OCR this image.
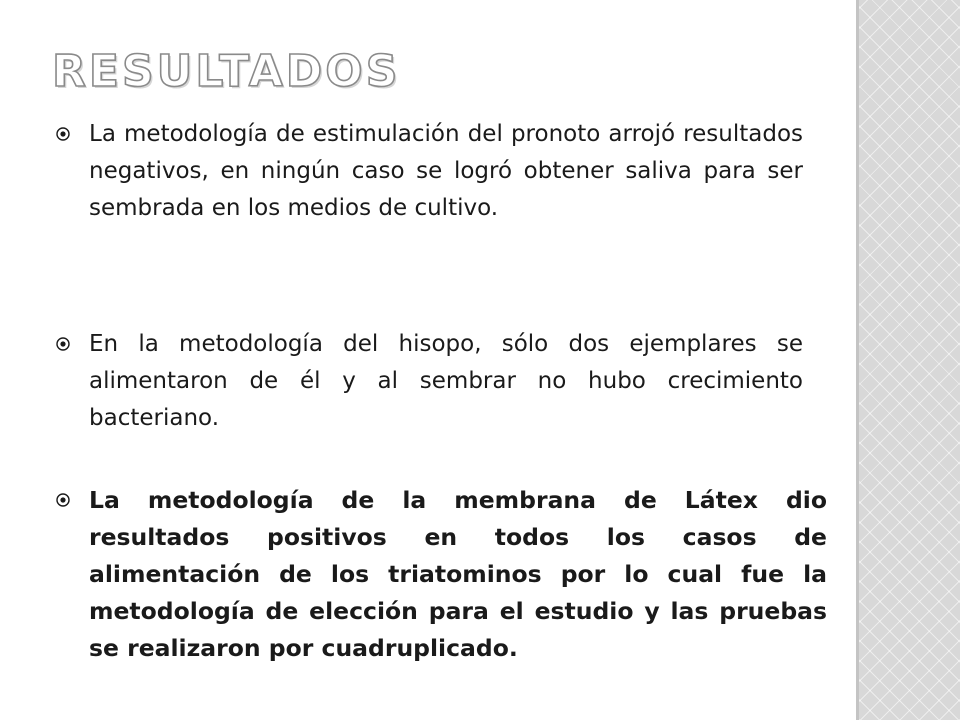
RESULTADOS
La metodología de estimulación del pronoto arrojó resultados negativos, en ningún caso se logró obtener saliva para ser sembrada en los medios de cultivo.
En la metodología del hisopo, sólo dos ejemplares se alimentaron de él y al sembrar no hubo crecimiento bacteriano.
La metodología de la membrana de Látex dio resultados positivos en todos los casos de alimentación de los triatominos por lo cual fue la metodología de elección para el estudio y las pruebas se realizaron por cuadruplicado.
